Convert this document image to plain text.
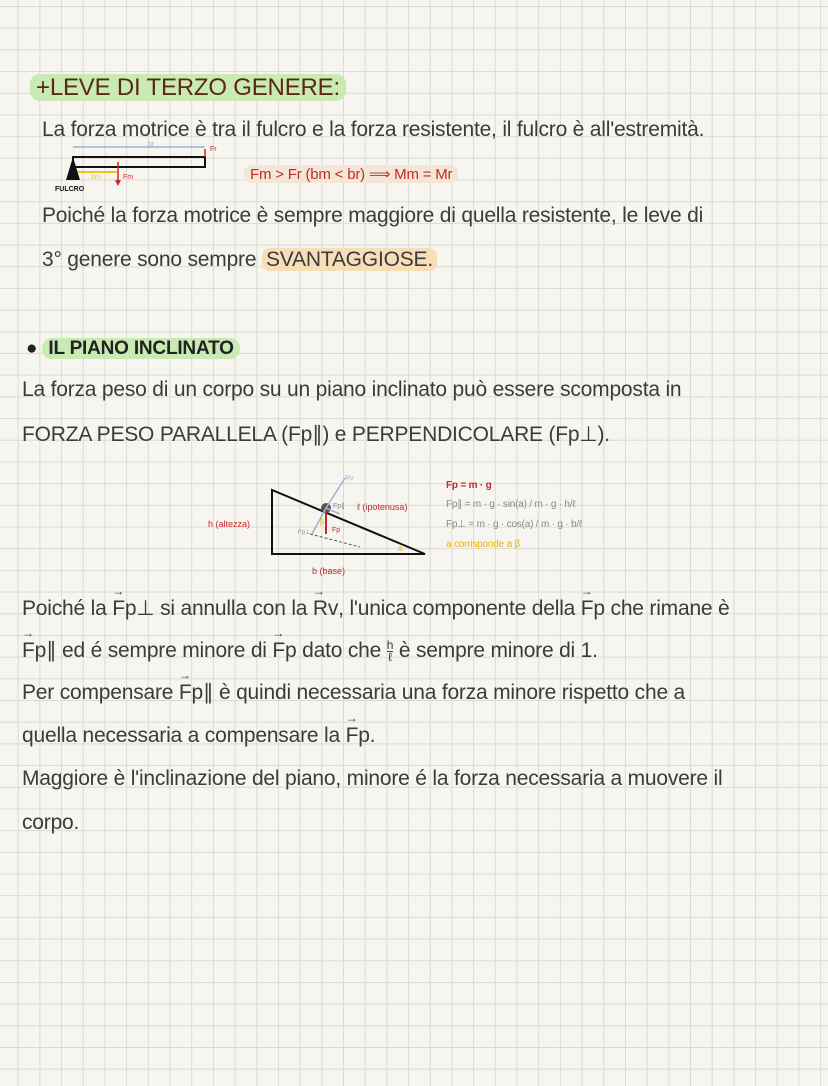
+LEVE DI TERZO GENERE:
La forza motrice è tra il fulcro e la forza resistente, il fulcro è all'estremità.
br
Fr
bm	Fm
FULCRO
Fm > Fr (bm < br) ⟹ Mm = Mr
Poiché la forza motrice è sempre maggiore di quella resistente, le leve di
3° genere sono sempre SVANTAGGIOSE.
● IL PIANO INCLINATO
La forza peso di un corpo su un piano inclinato può essere scomposta in
FORZA PESO PARALLELA (Fp∥) e PERPENDICOLARE (Fp⊥).
Rv
Fp∥
Fp⊥	Fp
β
a
ℓ (ipotenusa)
h (altezza)
b (base)
Fp = m · g
Fp∥ = m · g · sin(a) / m · g · h/ℓ
Fp⊥ = m · g · cos(a) / m · g · b/ℓ
a corrisponde a β
Poiché la → Fp⊥ si annulla con la → Rv, l'unica componente della → Fp che rimane è
→ Fp∥ ed é sempre minore di → Fp dato che $\frac{h}{\text{ℓ}}$ è sempre minore di 1.
Per compensare → Fp∥ è quindi necessaria una forza minore rispetto che a
quella necessaria a compensare la → Fp.
Maggiore è l'inclinazione del piano, minore é la forza necessaria a muovere il
corpo.
